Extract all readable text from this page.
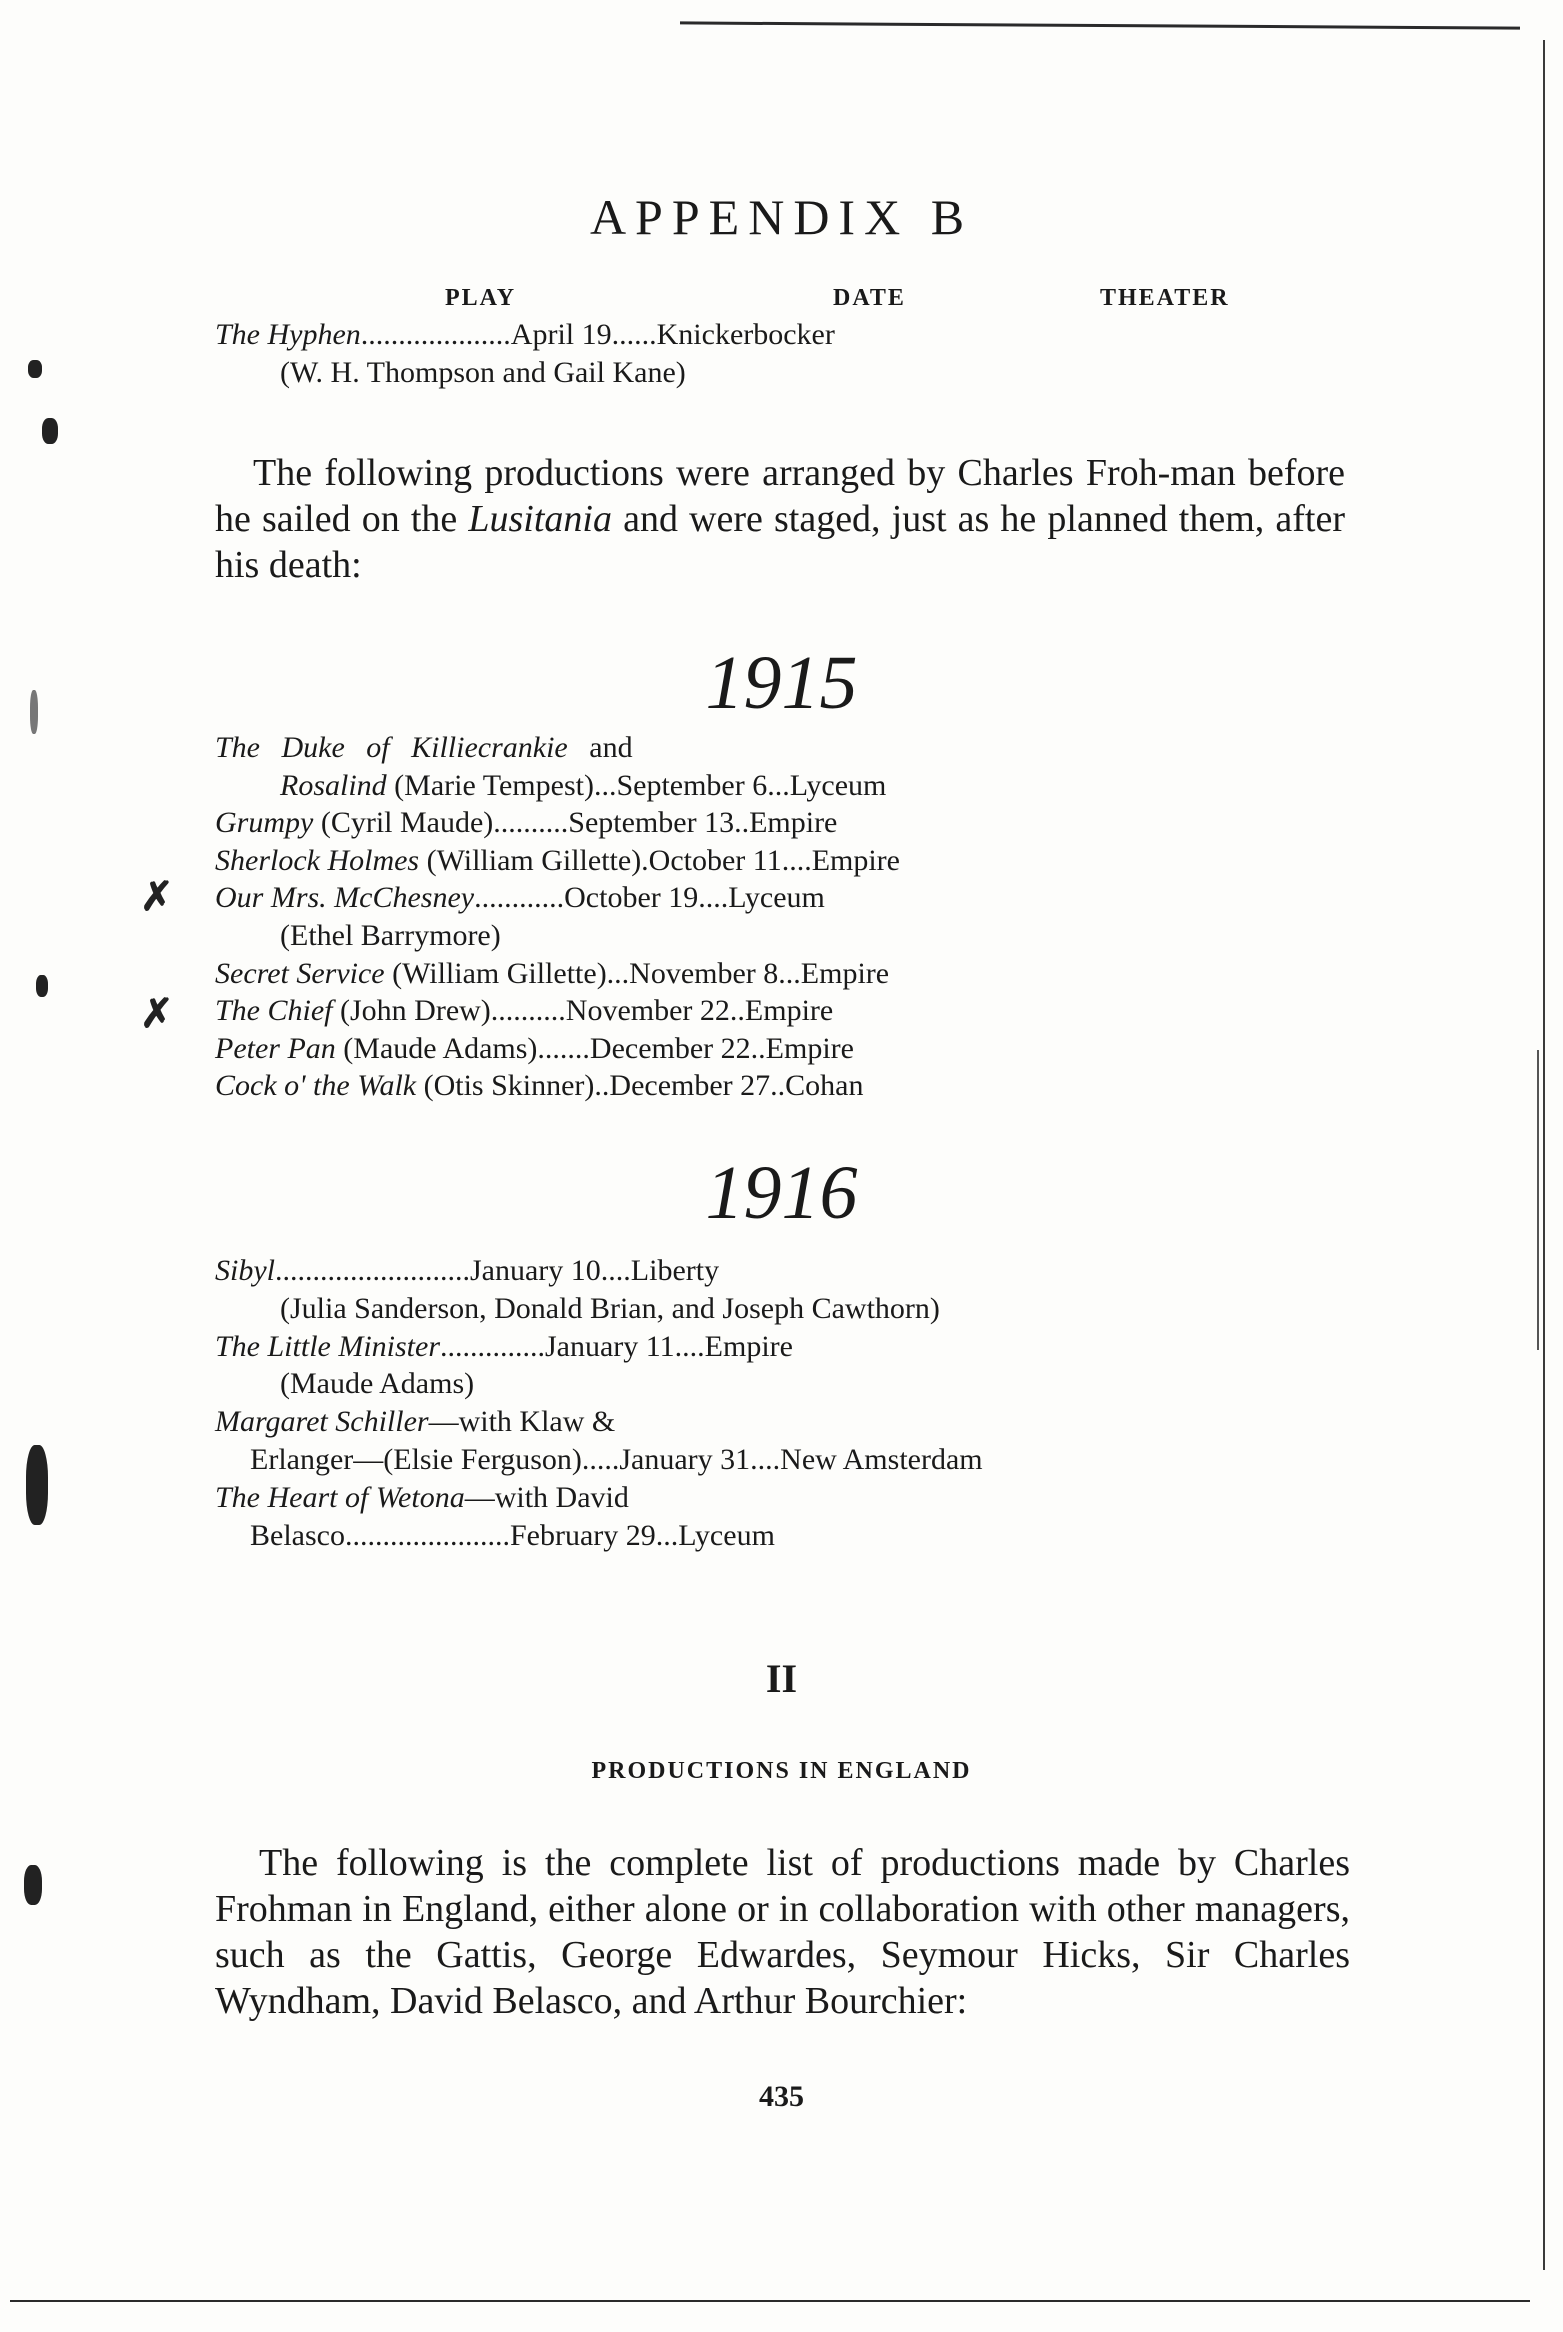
APPENDIX B
PLAY	DATE	THEATER
The Hyphen....................April 19......Knickerbocker
(W. H. Thompson and Gail Kane)
The following productions were arranged by Charles Froh-man before he sailed on the Lusitania and were staged, just as he planned them, after his death:
1915
The Duke of Killiecrankie and
Rosalind (Marie Tempest)...September 6...Lyceum
Grumpy (Cyril Maude)..........September 13..Empire
Sherlock Holmes (William Gillette).October 11....Empire
Our Mrs. McChesney............October 19....Lyceum
(Ethel Barrymore)
Secret Service (William Gillette)...November 8...Empire
The Chief (John Drew)..........November 22..Empire
Peter Pan (Maude Adams).......December 22..Empire
Cock o' the Walk (Otis Skinner)..December 27..Cohan
✗
✗
1916
Sibyl..........................January 10....Liberty
(Julia Sanderson, Donald Brian, and Joseph Cawthorn)
The Little Minister..............January 11....Empire
(Maude Adams)
Margaret Schiller—with Klaw &
Erlanger—(Elsie Ferguson).....January 31....New Amsterdam
The Heart of Wetona—with David
Belasco......................February 29...Lyceum
II
PRODUCTIONS IN ENGLAND
The following is the complete list of productions made by Charles Frohman in England, either alone or in collaboration with other managers, such as the Gattis, George Edwardes, Seymour Hicks, Sir Charles Wyndham, David Belasco, and Arthur Bourchier:
435
